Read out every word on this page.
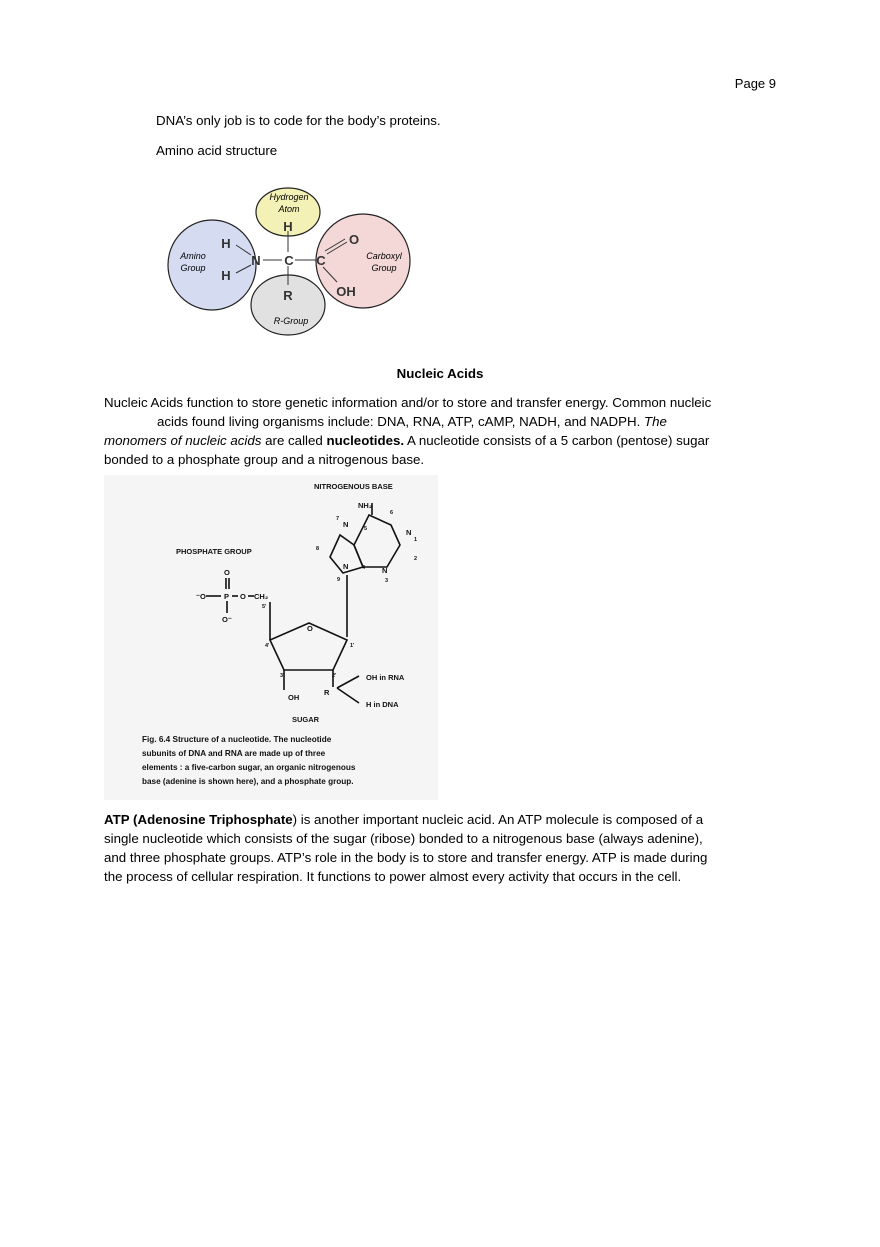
Page 9
DNA’s only job is to code for the body’s proteins.
Amino acid structure
Hydrogen
Atom
H
Amino
Group
H
H
N C C
O
OH
R
R-Group
Carboxyl
Group
Nucleic Acids
Nucleic Acids function to store genetic information and/or to store and transfer energy. Common nucleic
acids found living organisms include: DNA, RNA, ATP, cAMP, NADH, and NADPH. The
monomers of nucleic acids are called nucleotides. A nucleotide consists of a 5 carbon (pentose) sugar
bonded to a phosphate group and a nitrogenous base.
NITROGENOUS BASE
NH₂
PHOSPHATE GROUP
OH in RNA
H in DNA
SUGAR
OH
R
O
CH₂
P
⁻O	O
O
O⁻
N
N
N
N
1
2
3
4
5
6
7
8
9
1'
2'
3'
4'
5'
Fig. 6.4 Structure of a nucleotide. The nucleotide
subunits of DNA and RNA are made up of three
elements : a five-carbon sugar, an organic nitrogenous
base (adenine is shown here), and a phosphate group.
ATP (Adenosine Triphosphate) is another important nucleic acid. An ATP molecule is composed of a
single nucleotide which consists of the sugar (ribose) bonded to a nitrogenous base (always adenine),
and three phosphate groups. ATP’s role in the body is to store and transfer energy. ATP is made during
the process of cellular respiration. It functions to power almost every activity that occurs in the cell.
